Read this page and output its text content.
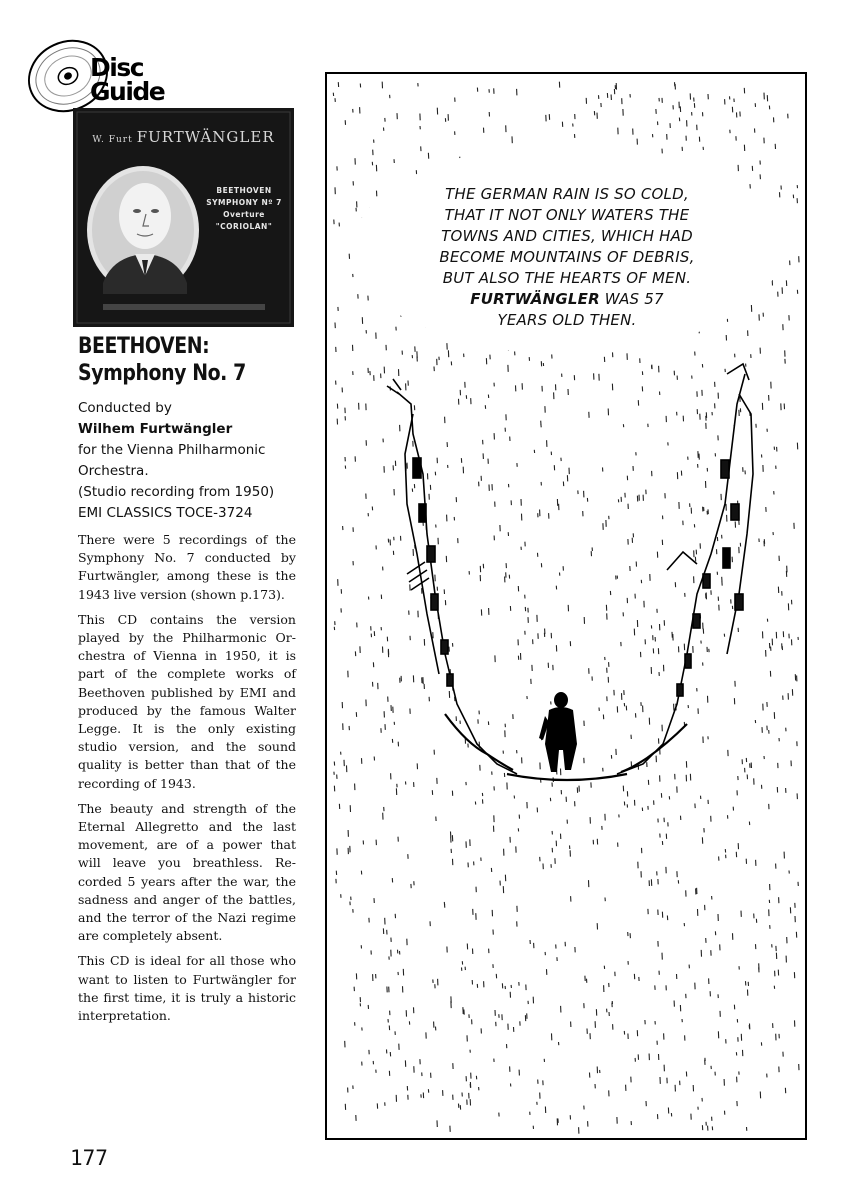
Disc
Guide
W. Furt FURTWÄNGLER
BEETHOVEN
SYMPHONY Nº 7
Overture
"CORIOLAN"
BEETHOVEN:
Symphony No. 7
Conducted by
Wilhem Furtwängler
for the Vienna Philharmonic
Orchestra.
(Studio recording from 1950)
EMI CLASSICS TOCE-3724

There were 5 recordings of the Symphony No. 7 conducted by Furtwängler, among these is the 1943 live version (shown p.173).

This CD contains the version played by the Philharmonic Orchestra of Vienna in 1950, it is part of the complete works of Beethoven published by EMI and produced by the famous Walter Legge. It is the only existing studio version, and the sound quality is better than that of the recording of 1943.

The beauty and strength of the Eternal Allegretto and the last movement, are of a power that will leave you breathless. Recorded 5 years after the war, the sadness and anger of the battles, and the terror of the Nazi regime are completely absent.

This CD is ideal for all those who want to listen to Furtwängler for the first time, it is truly a historic interpretation.

177
THE GERMAN RAIN IS SO COLD,
THAT IT NOT ONLY WATERS THE
TOWNS AND CITIES, WHICH HAD
BECOME MOUNTAINS OF DEBRIS,
BUT ALSO THE HEARTS OF MEN.
FURTWÄNGLER WAS 57
YEARS OLD THEN.
